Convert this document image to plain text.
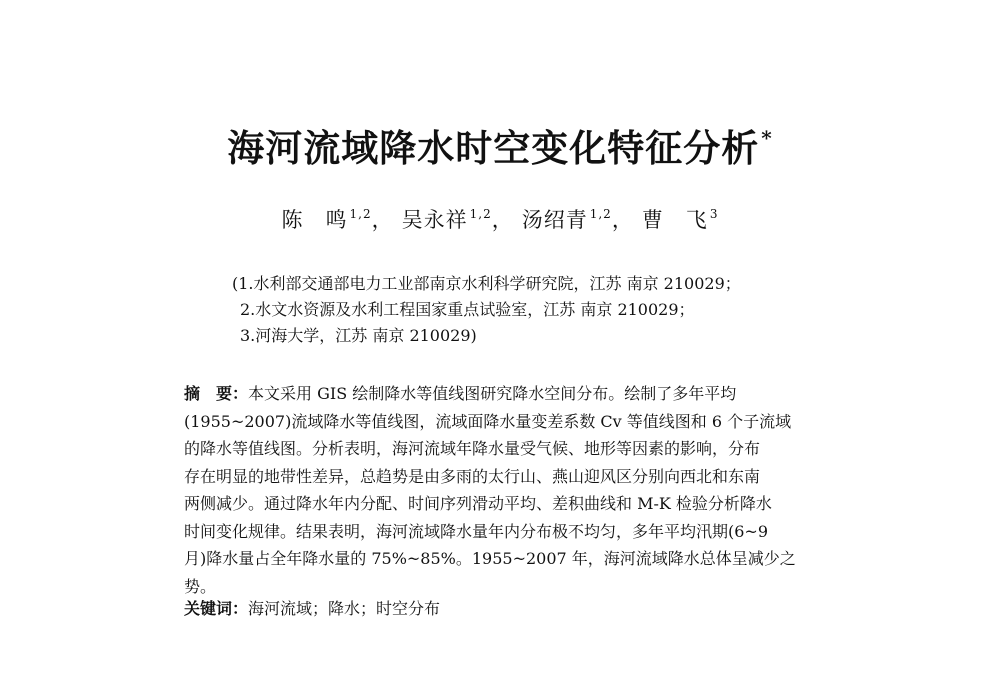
海河流域降水时空变化特征分析 *
陈　鸣 $^{1,2}$， 吴永祥 $^{1,2}$， 汤绍青 $^{1,2}$， 曹　飞 $^3$
(1.水利部交通部电力工业部南京水利科学研究院，江苏 南京 210029；
2.水文水资源及水利工程国家重点试验室，江苏 南京 210029；
3.河海大学，江苏 南京 210029)
摘　要：本文采用 GIS 绘制降水等值线图研究降水空间分布。绘制了多年平均
(1955~2007)流域降水等值线图，流域面降水量变差系数 Cv 等值线图和 6 个子流域
的降水等值线图。分析表明，海河流域年降水量受气候、地形等因素的影响，分布
存在明显的地带性差异，总趋势是由多雨的太行山、燕山迎风区分别向西北和东南
两侧减少。通过降水年内分配、时间序列滑动平均、差积曲线和 M-K 检验分析降水
时间变化规律。结果表明，海河流域降水量年内分布极不均匀，多年平均汛期(6~9
月)降水量占全年降水量的 75%~85%。1955~2007 年，海河流域降水总体呈减少之
势。
关键词：海河流域；降水；时空分布
